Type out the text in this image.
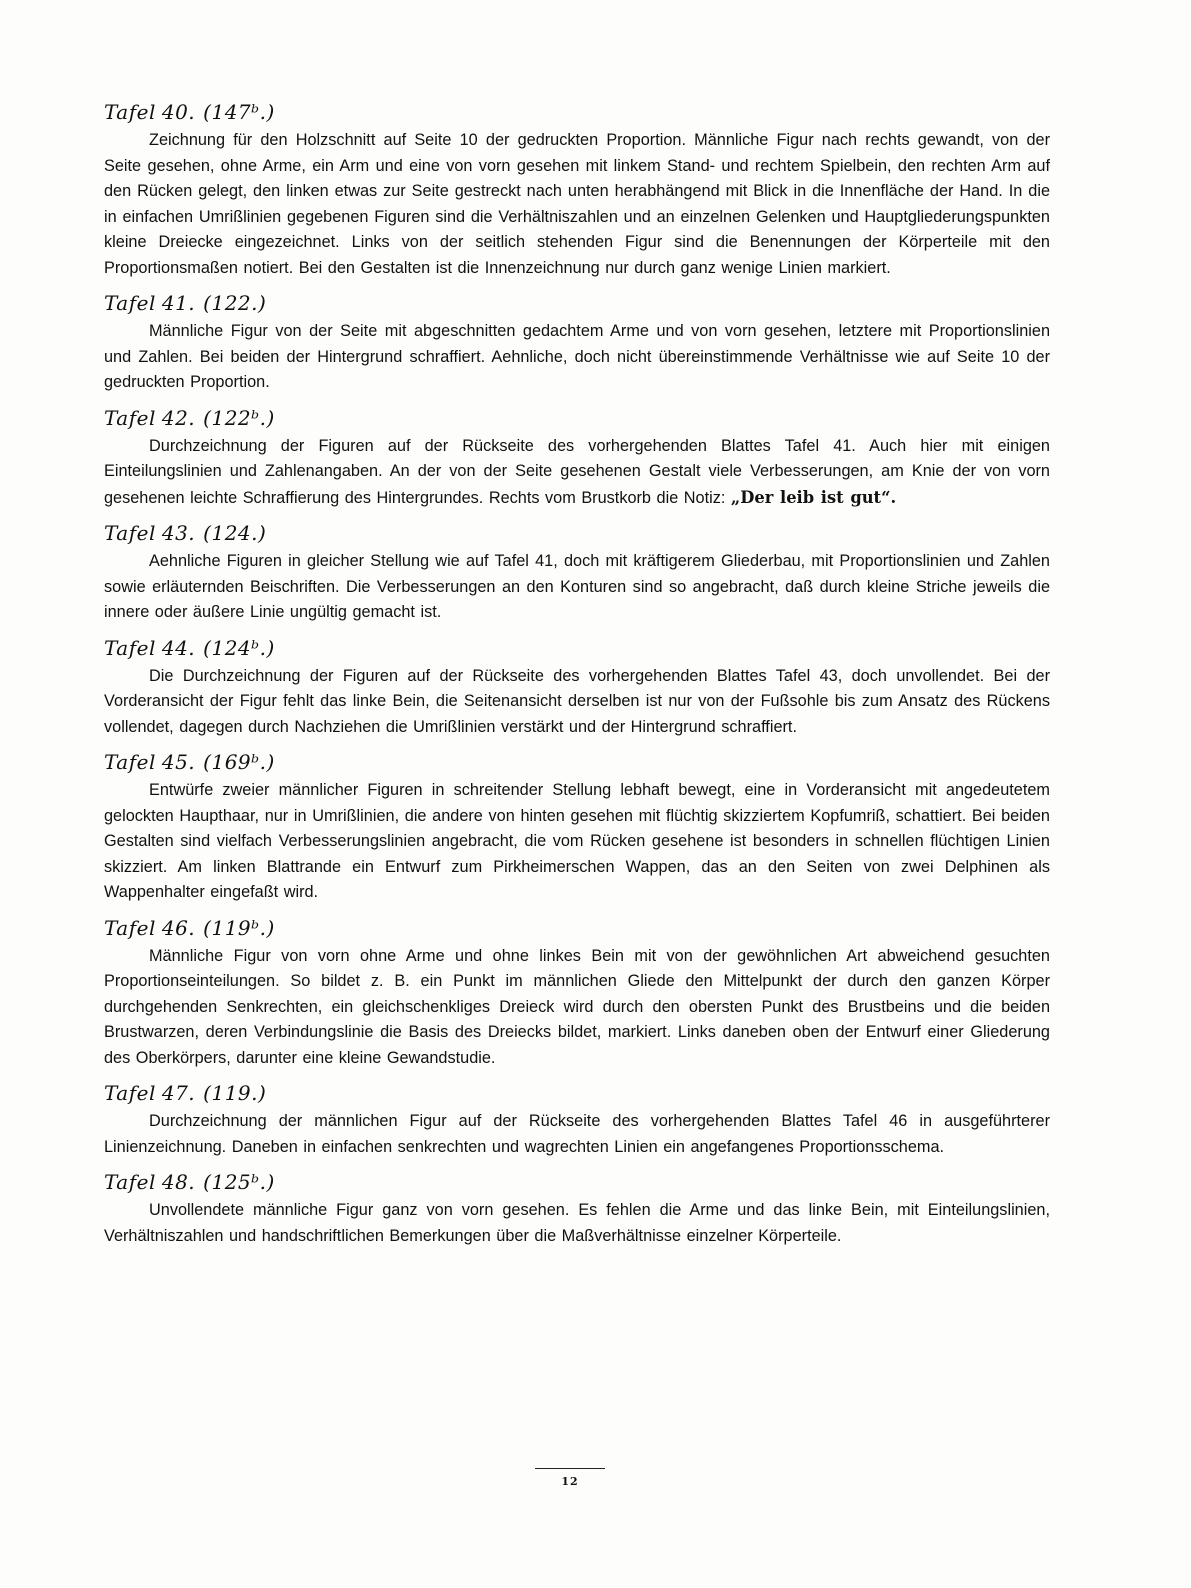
Tafel 40. (147ᵇ.)

Zeichnung für den Holzschnitt auf Seite 10 der gedruckten Proportion. Männliche Figur nach rechts gewandt, von der Seite gesehen, ohne Arme, ein Arm und eine von vorn gesehen mit linkem Stand- und rechtem Spielbein, den rechten Arm auf den Rücken gelegt, den linken etwas zur Seite gestreckt nach unten herabhängend mit Blick in die Innenfläche der Hand. In die in einfachen Umrißlinien gegebenen Figuren sind die Verhältniszahlen und an einzelnen Gelenken und Hauptgliederungspunkten kleine Dreiecke eingezeichnet. Links von der seitlich stehenden Figur sind die Benennungen der Körperteile mit den Proportionsmaßen notiert. Bei den Gestalten ist die Innenzeichnung nur durch ganz wenige Linien markiert.

Tafel 41. (122.)

Männliche Figur von der Seite mit abgeschnitten gedachtem Arme und von vorn gesehen, letztere mit Proportionslinien und Zahlen. Bei beiden der Hintergrund schraffiert. Aehnliche, doch nicht übereinstimmende Verhältnisse wie auf Seite 10 der gedruckten Proportion.

Tafel 42. (122ᵇ.)

Durchzeichnung der Figuren auf der Rückseite des vorhergehenden Blattes Tafel 41. Auch hier mit einigen Einteilungslinien und Zahlenangaben. An der von der Seite gesehenen Gestalt viele Verbesserungen, am Knie der von vorn gesehenen leichte Schraffierung des Hintergrundes. Rechts vom Brustkorb die Notiz: „Der leib ist gut“.

Tafel 43. (124.)

Aehnliche Figuren in gleicher Stellung wie auf Tafel 41, doch mit kräftigerem Gliederbau, mit Proportionslinien und Zahlen sowie erläuternden Beischriften. Die Verbesserungen an den Konturen sind so angebracht, daß durch kleine Striche jeweils die innere oder äußere Linie ungültig gemacht ist.

Tafel 44. (124ᵇ.)

Die Durchzeichnung der Figuren auf der Rückseite des vorhergehenden Blattes Tafel 43, doch unvollendet. Bei der Vorderansicht der Figur fehlt das linke Bein, die Seitenansicht derselben ist nur von der Fußsohle bis zum Ansatz des Rückens vollendet, dagegen durch Nachziehen die Umrißlinien verstärkt und der Hintergrund schraffiert.

Tafel 45. (169ᵇ.)

Entwürfe zweier männlicher Figuren in schreitender Stellung lebhaft bewegt, eine in Vorderansicht mit angedeutetem gelockten Haupthaar, nur in Umrißlinien, die andere von hinten gesehen mit flüchtig skizziertem Kopfumriß, schattiert. Bei beiden Gestalten sind vielfach Verbesserungslinien angebracht, die vom Rücken gesehene ist besonders in schnellen flüchtigen Linien skizziert. Am linken Blattrande ein Entwurf zum Pirkheimerschen Wappen, das an den Seiten von zwei Delphinen als Wappenhalter eingefaßt wird.

Tafel 46. (119ᵇ.)

Männliche Figur von vorn ohne Arme und ohne linkes Bein mit von der gewöhnlichen Art abweichend gesuchten Proportionseinteilungen. So bildet z. B. ein Punkt im männlichen Gliede den Mittelpunkt der durch den ganzen Körper durchgehenden Senkrechten, ein gleichschenkliges Dreieck wird durch den obersten Punkt des Brustbeins und die beiden Brustwarzen, deren Verbindungslinie die Basis des Dreiecks bildet, markiert. Links daneben oben der Entwurf einer Gliederung des Oberkörpers, darunter eine kleine Gewandstudie.

Tafel 47. (119.)

Durchzeichnung der männlichen Figur auf der Rückseite des vorhergehenden Blattes Tafel 46 in ausgeführterer Linienzeichnung. Daneben in einfachen senkrechten und wagrechten Linien ein angefangenes Proportionsschema.

Tafel 48. (125ᵇ.)

Unvollendete männliche Figur ganz von vorn gesehen. Es fehlen die Arme und das linke Bein, mit Einteilungslinien, Verhältniszahlen und handschriftlichen Bemerkungen über die Maßverhältnisse einzelner Körperteile.

12
